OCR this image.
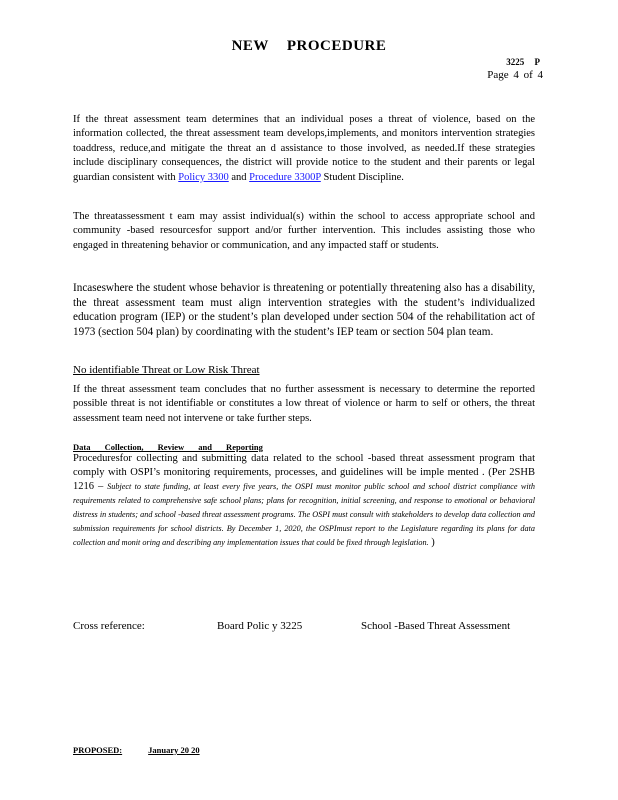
NEW PROCEDURE
3225 P
Page 4 of 4
If the threat assessment team determines that an individual poses a threat of violence, based on the information collected, the threat assessment team develops,implements, and monitors intervention strategies toaddress, reduce,and mitigate the threat an d assistance to those involved, as needed.If these strategies include disciplinary consequences, the district will provide notice to the student and their parents or legal guardian consistent with Policy 3300 and Procedure 3300P Student Discipline.
The threatassessment t eam may assist individual(s) within the school to access appropriate school and community -based resourcesfor support and/or further intervention. This includes assisting those who engaged in threatening behavior or communication, and any impacted staff or students.
Incaseswhere the student whose behavior is threatening or potentially threatening also has a disability, the threat assessment team must align intervention strategies with the student’s individualized education program (IEP) or the student’s plan developed under section 504 of the rehabilitation act of 1973 (section 504 plan) by coordinating with the student’s IEP team or section 504 plan team.
No identifiable Threat or Low Risk Threat
If the threat assessment team concludes that no further assessment is necessary to determine the reported possible threat is not identifiable or constitutes a low threat of violence or harm to self or others, the threat assessment team need not intervene or take further steps.
Data Collection, Review and Reporting
Proceduresfor collecting and submitting data related to the school -based threat assessment program that comply with OSPI’s monitoring requirements, processes, and guidelines will be imple mented . (Per 2SHB 1216 – Subject to state funding, at least every five years, the OSPI must monitor public school and school district compliance with requirements related to comprehensive safe school plans; plans for recognition, initial screening, and response to emotional or behavioral distress in students; and school -based threat assessment programs. The OSPI must consult with stakeholders to develop data collection and submission requirements for school districts. By December 1, 2020, the OSPImust report to the Legislature regarding its plans for data collection and monit oring and describing any implementation issues that could be fixed through legislation. )
Cross reference:	Board Polic y 3225	School -Based Threat Assessment
PROPOSED:	January 20 20
